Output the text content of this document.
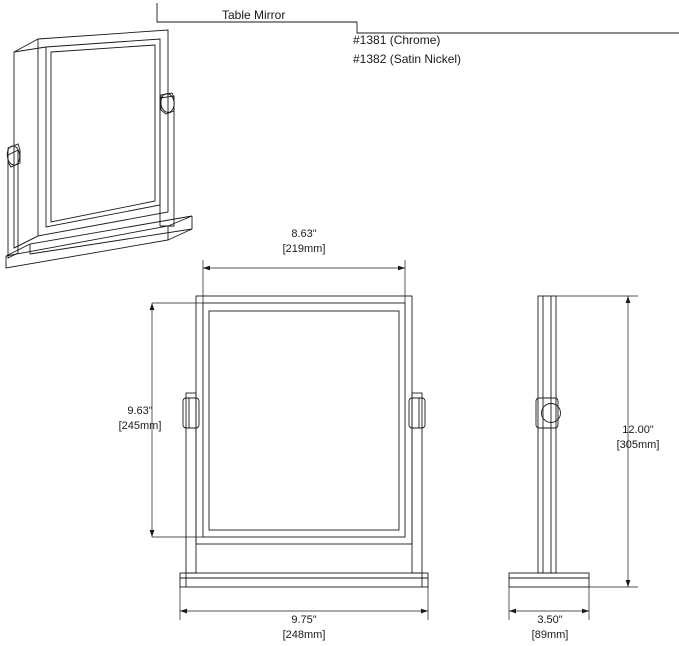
Table Mirror
#1381 (Chrome)
#1382 (Satin Nickel)
8.63"
[219mm]
9.63"
[245mm]
9.75"
[248mm]
12.00"
[305mm]
3.50"
[89mm]
